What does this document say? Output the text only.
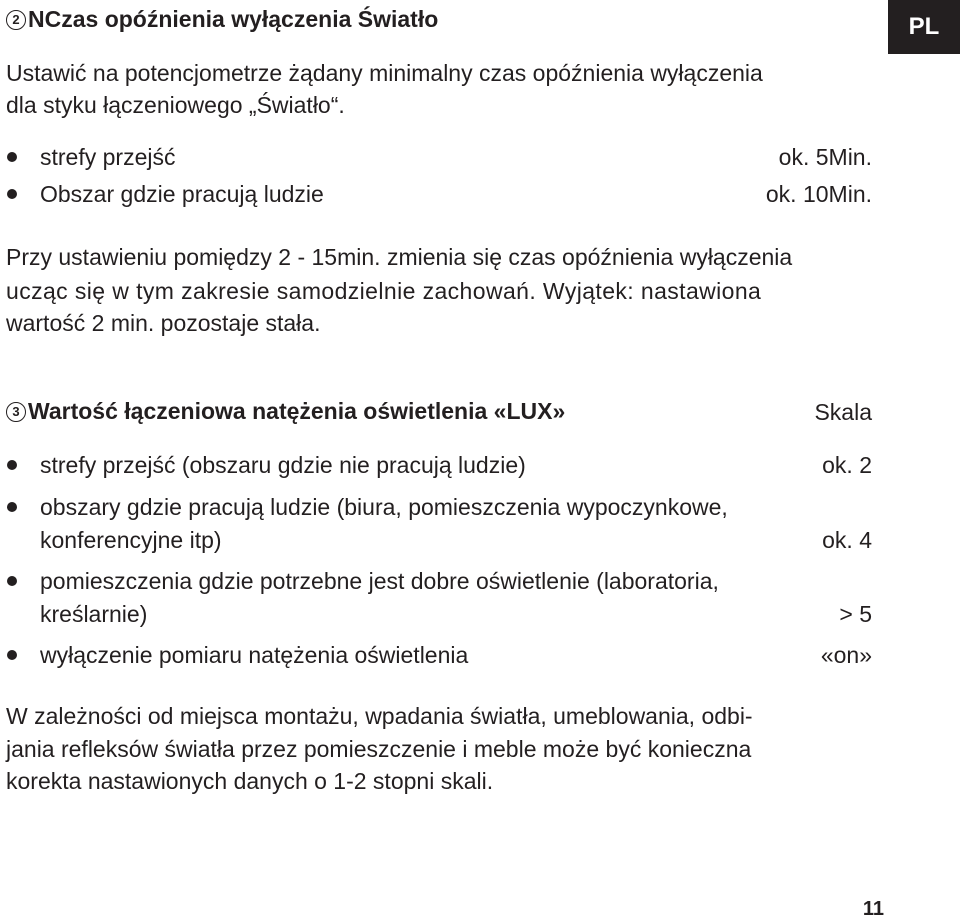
PL
2 NCzas opóźnienia wyłączenia Światło
Ustawić na potencjometrze żądany minimalny czas opóźnienia wyłączenia
dla styku łączeniowego „Światło“.
strefy przejść	ok. 5Min.
Obszar gdzie pracują ludzie	ok. 10Min.
Przy ustawieniu pomiędzy 2 - 15min. zmienia się czas opóźnienia wyłączenia
ucząc się w tym zakresie samodzielnie zachowań. Wyjątek: nastawiona
wartość 2 min. pozostaje stała.
3 Wartość łączeniowa natężenia oświetlenia «LUX»	Skala
strefy przejść (obszaru gdzie nie pracują ludzie)	ok. 2
obszary gdzie pracują ludzie (biura, pomieszczenia wypoczynkowe,
konferencyjne itp)	ok. 4
pomieszczenia gdzie potrzebne jest dobre oświetlenie (laboratoria,
kreślarnie)	> 5
wyłączenie pomiaru natężenia oświetlenia	«on»
W zależności od miejsca montażu, wpadania światła, umeblowania, odbi-
jania refleksów światła przez pomieszczenie i meble może być konieczna
korekta nastawionych danych o 1-2 stopni skali.
11
